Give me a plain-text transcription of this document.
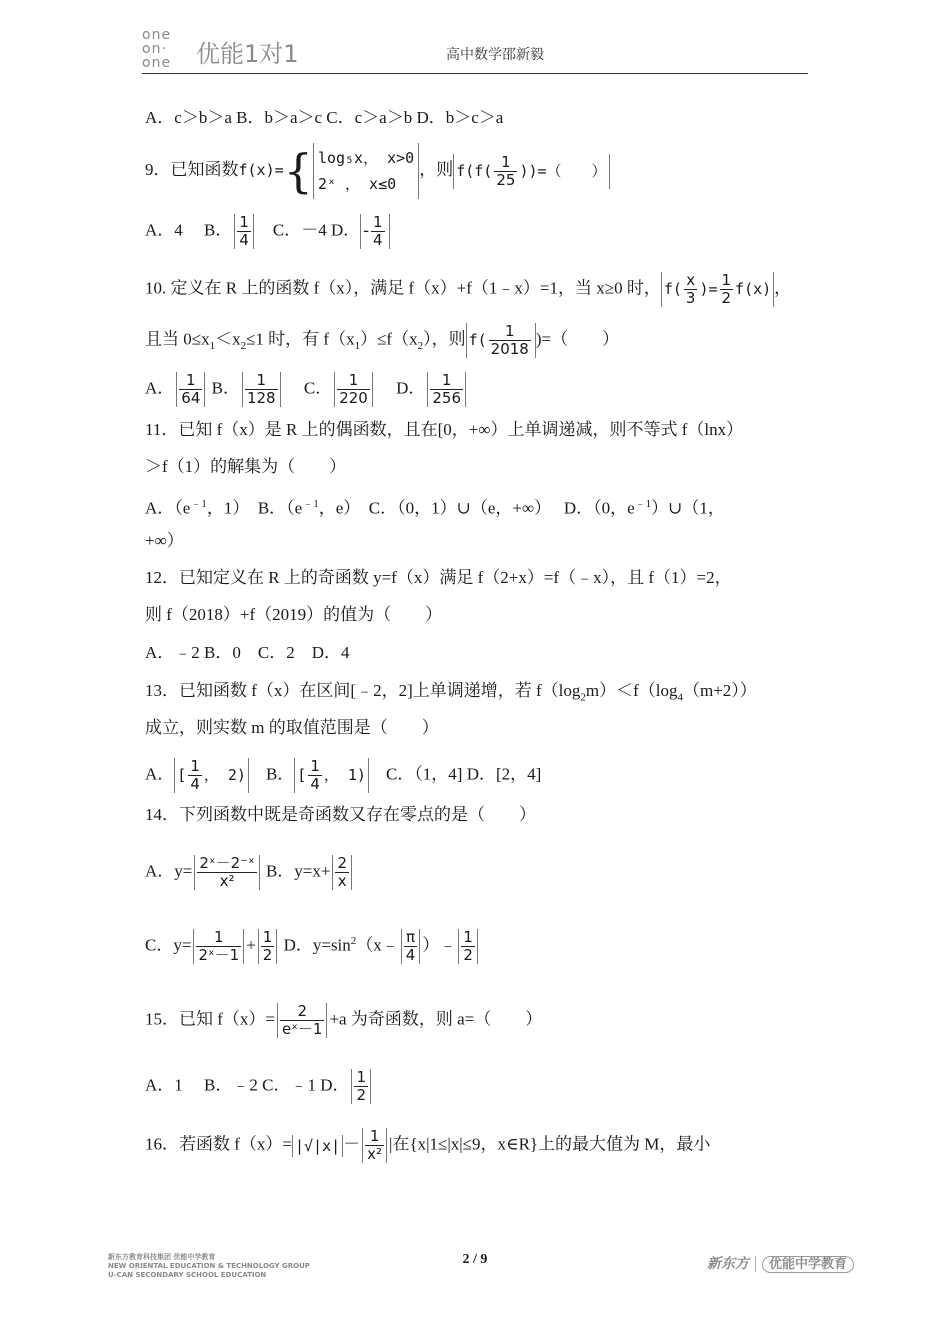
one
on·
one	优能1对1	高中数学邵新毅
A．c＞b＞a B．b＞a＞c C．c＞a＞b D．b＞c＞a
9．已知函数f(x)={ log₅x， x>0
2ˣ ， x≤0，则 $f(f( \frac{1}{25}$ ))=（　　）
A．4　 B． $\frac{1}{4}$ 　C．－4 D． - $\frac{1}{4}$
10. 定义在 R 上的函数 f（x），满足 f（x）+f（1﹣x）=1，当 x≥0 时， $f( \frac{x}{3}$ )= $\frac{1}{2} f(x)$ ，
且当 $0\le x_1<x_2\le 1$ 时，有 $f(x_1)\le f(x_2)$，则 $f( \frac{1}{2018}$ )=（　　）
A． $\frac{1}{64}$ B． $\frac{1}{128}$ 　 C． $\frac{1}{220}$ 　 D． $\frac{1}{256}$
11．已知 f（x）是 R 上的偶函数，且在[0，+∞）上单调递减，则不等式 f（lnx）
＞f（1）的解集为（　　）
A．（$e^{﹣1}$，1）　B．（$e^{﹣1}$，e）　C．（0，1）∪（e，+∞）　 D．（0，$e^{﹣1})\cup(1$，
+∞）
12．已知定义在 R 上的奇函数 y=f（x）满足 f（2+x）=f（﹣x），且 f（1）=2，
则 f（2018）+f（2019）的值为（　　）
A．﹣2 B．0　C．2　D．4
13．已知函数 f（x）在区间[﹣2，2]上单调递增，若 $f(\log_2m)<f(\log_4(m+2))$
成立，则实数 m 的取值范围是（　　）
A． [ $\frac{1}{4}$ ， 2)　B． [ $\frac{1}{4}$ ， 1)　C．（1，4] D．[2，4]
14．下列函数中既是奇函数又存在零点的是（　　）
A．$y= \frac{\text{2ˣ－2⁻ˣ}}{\text{x²}}$ B．$y=x+ \frac{2}{x}$
C．$y= \frac{1}{\text{2ˣ－1}} + \frac{1}{2}$ D．$y=\sin^2(x﹣ \frac{\pi}{4}$ ）﹣ $\frac{1}{2}$
15．已知 $f(x)= \frac{2}{\text{eˣ－1}} +a$ 为奇函数，则 a=（　　）
A．1　 B．﹣2 C．﹣1 D． $\frac{1}{2}$
16．若函数 $f(x)= |√|x| - \frac{1}{\text{x²}}$ |在{x|1≤|x|≤9，x∈R}上的最大值为 M，最小
新东方教育科技集团 优能中学教育
NEW ORIENTAL EDUCATION & TECHNOLOGY GROUP
U-CAN SECONDARY SCHOOL EDUCATION
2 / 9	新东方 优能中学教育
